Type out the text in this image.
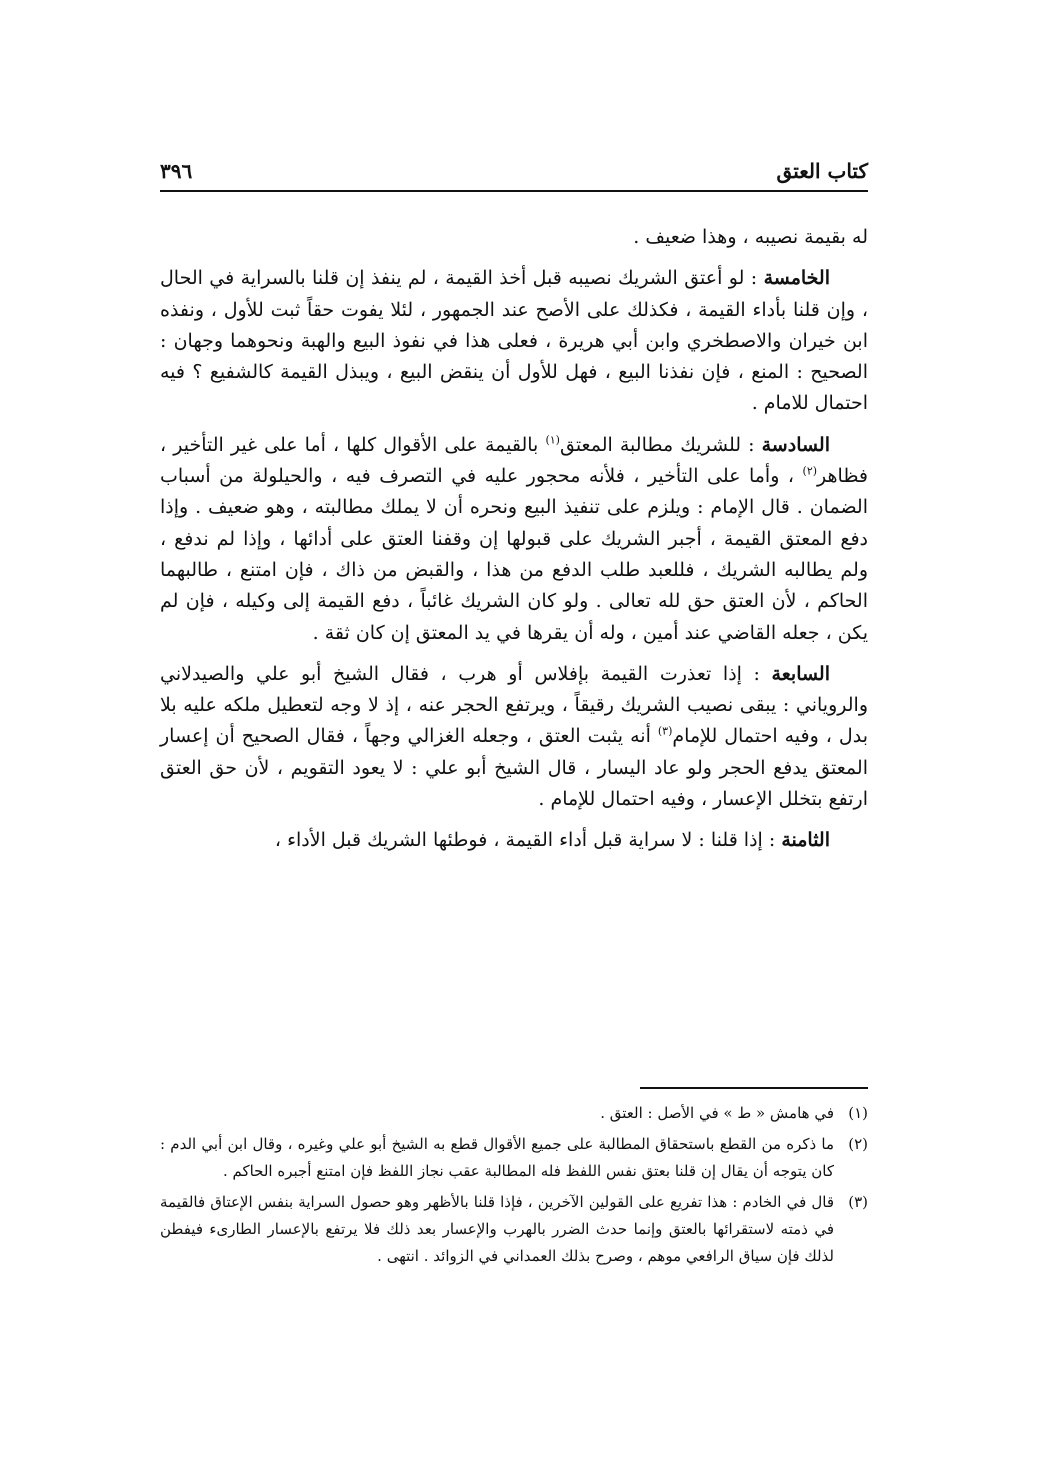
كتاب العتق
٣٩٦

له بقيمة نصيبه ، وهذا ضعيف .

الخامسة : لو أعتق الشريك نصيبه قبل أخذ القيمة ، لم ينفذ إن قلنا بالسراية في الحال ، وإن قلنا بأداء القيمة ، فكذلك على الأصح عند الجمهور ، لئلا يفوت حقاً ثبت للأول ، ونفذه ابن خيران والاصطخري وابن أبي هريرة ، فعلى هذا في نفوذ البيع والهبة ونحوهما وجهان : الصحيح : المنع ، فإن نفذنا البيع ، فهل للأول أن ينقض البيع ، ويبذل القيمة كالشفيع ؟ فيه احتمال للامام .

السادسة : للشريك مطالبة المعتق$^{(١)}$ بالقيمة على الأقوال كلها ، أما على غير التأخير ، فظاهر$^{(٢)}$ ، وأما على التأخير ، فلأنه محجور عليه في التصرف فيه ، والحيلولة من أسباب الضمان . قال الإمام : ويلزم على تنفيذ البيع ونحره أن لا يملك مطالبته ، وهو ضعيف . وإذا دفع المعتق القيمة ، أجبر الشريك على قبولها إن وقفنا العتق على أدائها ، وإذا لم ندفع ، ولم يطالبه الشريك ، فللعبد طلب الدفع من هذا ، والقبض من ذاك ، فإن امتنع ، طالبهما الحاكم ، لأن العتق حق لله تعالى . ولو كان الشريك غائباً ، دفع القيمة إلى وكيله ، فإن لم يكن ، جعله القاضي عند أمين ، وله أن يقرها في يد المعتق إن كان ثقة .

السابعة : إذا تعذرت القيمة بإفلاس أو هرب ، فقال الشيخ أبو علي والصيدلاني والروياني : يبقى نصيب الشريك رقيقاً ، ويرتفع الحجر عنه ، إذ لا وجه لتعطيل ملكه عليه بلا بدل ، وفيه احتمال للإمام$^{(٣)}$ أنه يثبت العتق ، وجعله الغزالي وجهاً ، فقال الصحيح أن إعسار المعتق يدفع الحجر ولو عاد اليسار ، قال الشيخ أبو علي : لا يعود التقويم ، لأن حق العتق ارتفع بتخلل الإعسار ، وفيه احتمال للإمام .

الثامنة : إذا قلنا : لا سراية قبل أداء القيمة ، فوطئها الشريك قبل الأداء ،

(١)
في هامش « ط » في الأصل : العتق .
(٢)
ما ذكره من القطع باستحقاق المطالبة على جميع الأقوال قطع به الشيخ أبو علي وغيره ، وقال ابن أبي الدم : كان يتوجه أن يقال إن قلنا بعتق نفس اللفظ فله المطالبة عقب نجاز اللفظ فإن امتنع أجبره الحاكم .
(٣)
قال في الخادم : هذا تفريع على القولين الآخرين ، فإذا قلنا بالأظهر وهو حصول السراية بنفس الإعتاق فالقيمة في ذمته لاستقرائها بالعتق وإنما حدث الضرر بالهرب والإعسار بعد ذلك فلا يرتفع بالإعسار الطارىء فيفطن لذلك فإن سياق الرافعي موهم ، وصرح بذلك العمداني في الزوائد . انتهى .
